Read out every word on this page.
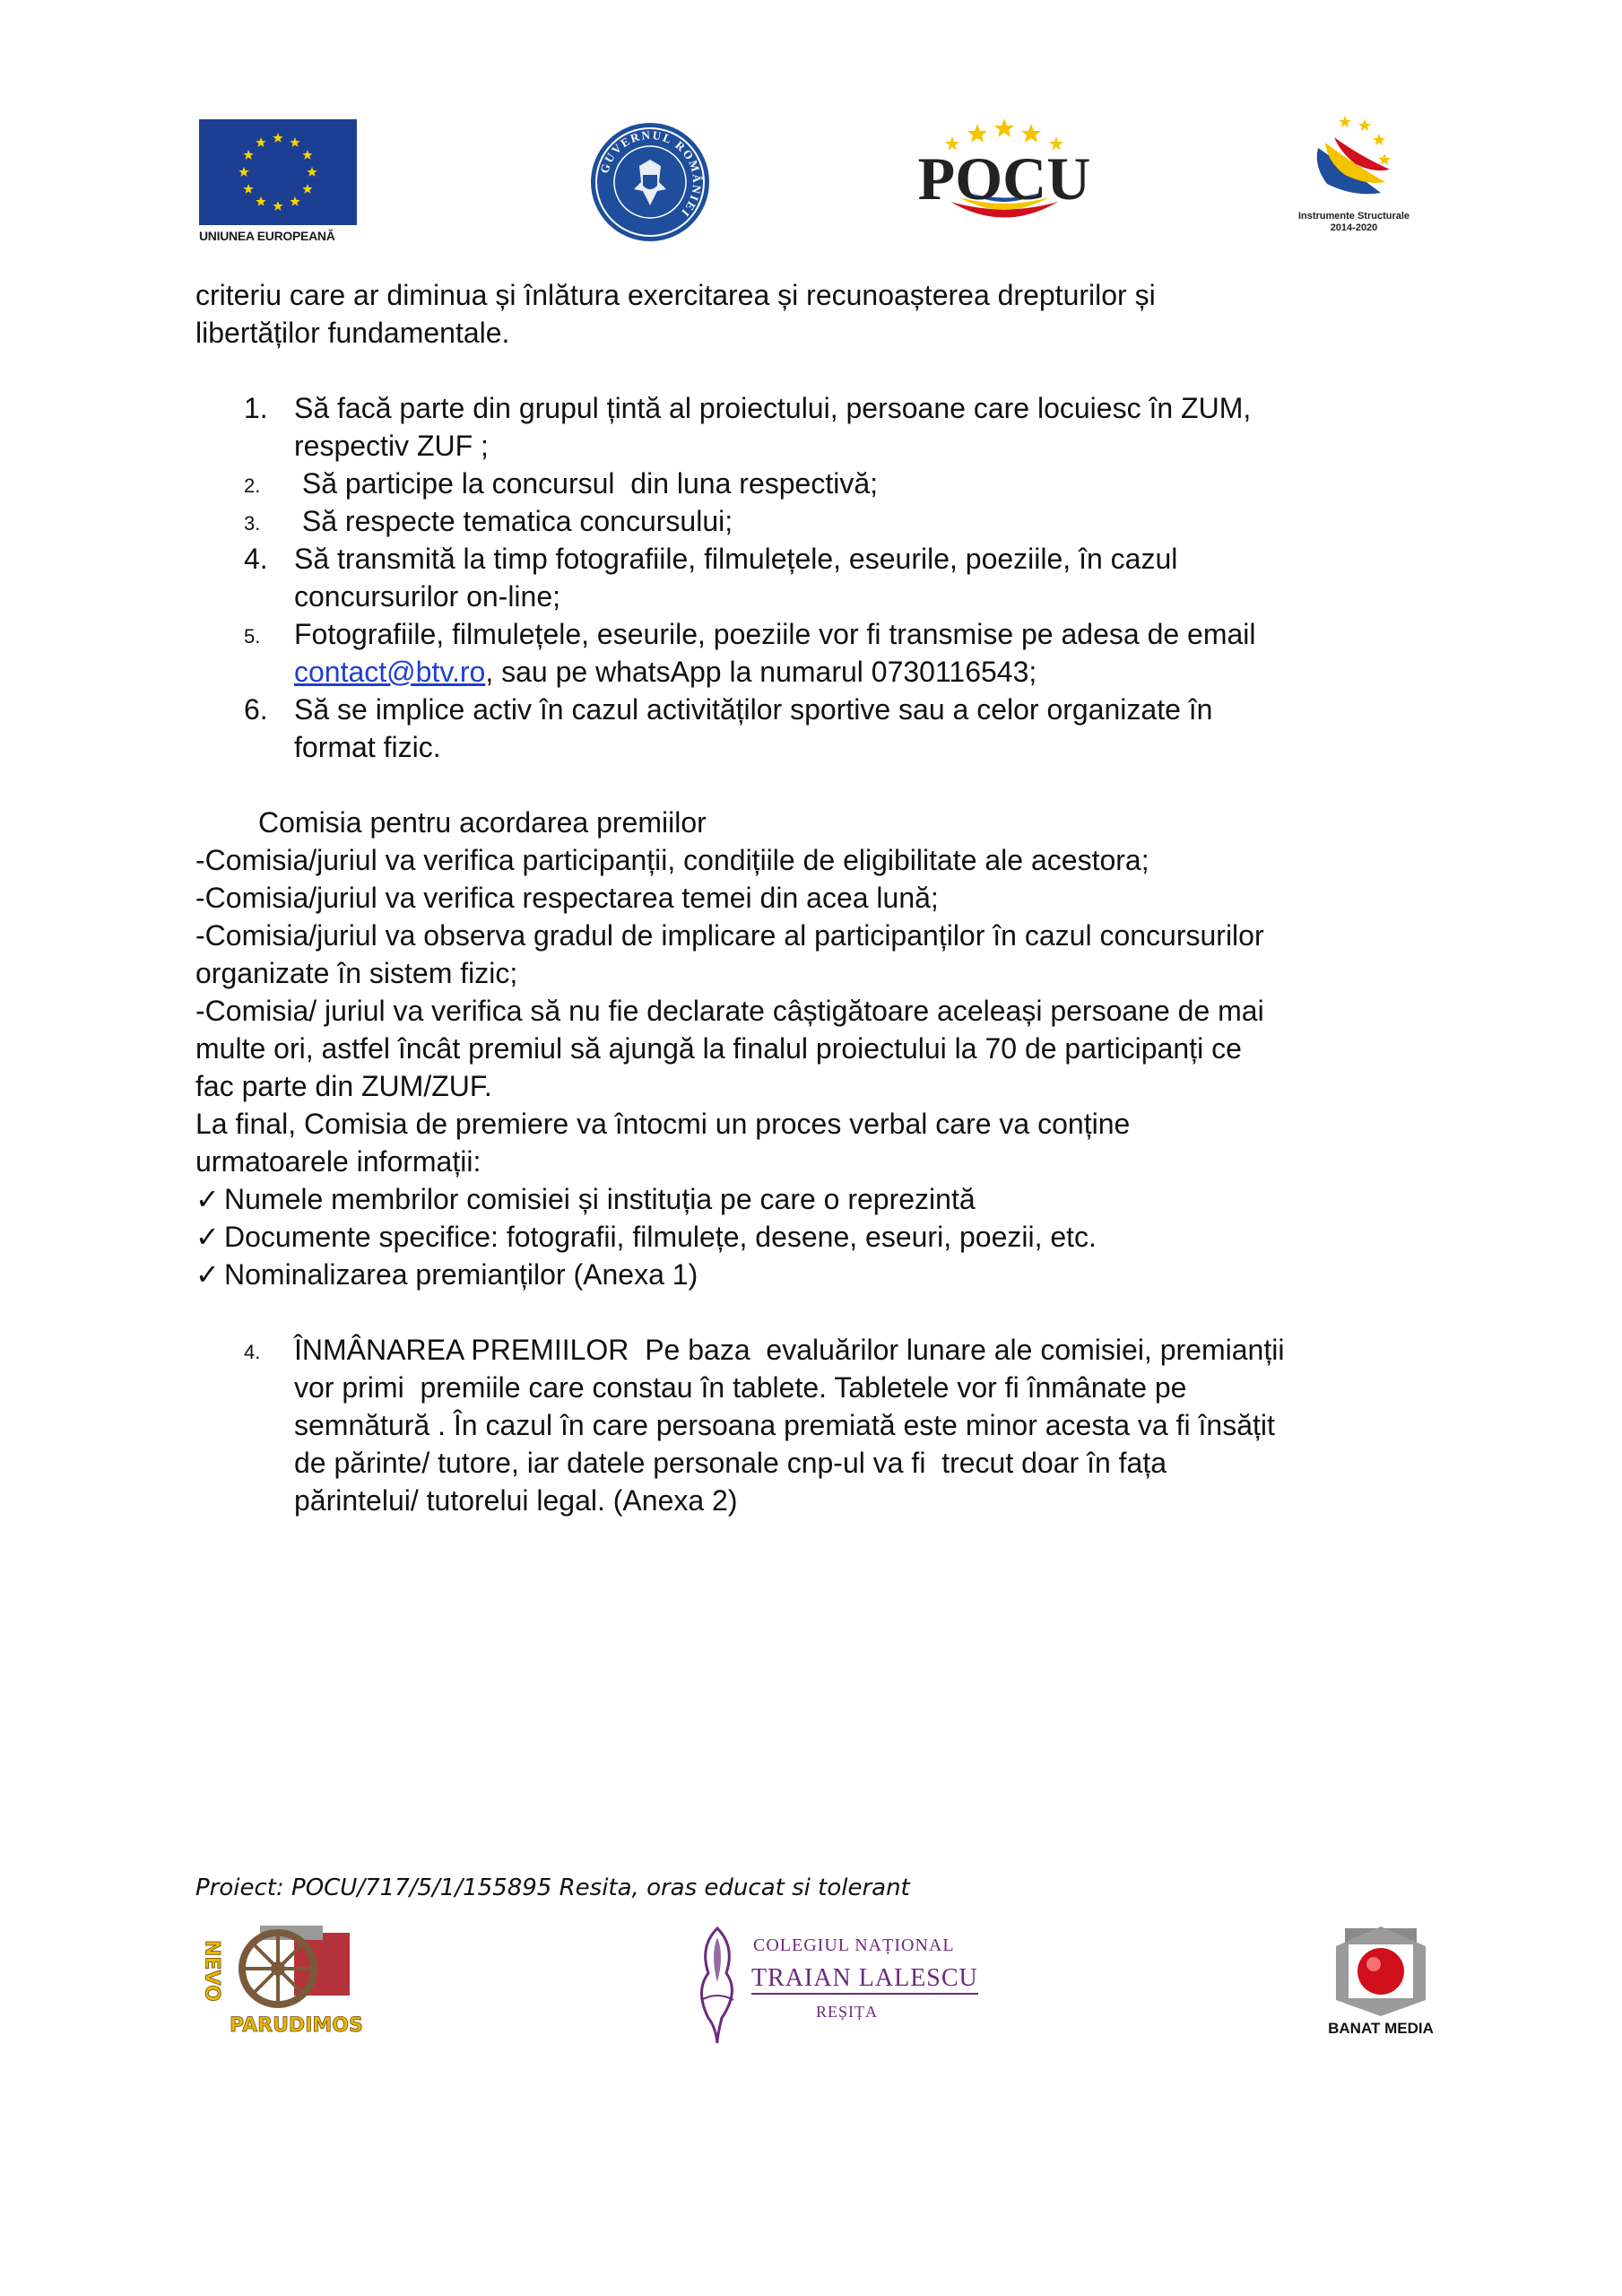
UNIUNEA EUROPEANĂ
GUVERNUL ROMÂNIEI
POCU
Instrumente Structurale
2014-2020
criteriu care ar diminua și înlătura exercitarea și recunoașterea drepturilor și
libertăților fundamentale.
1. Să facă parte din grupul țintă al proiectului, persoane care locuiesc în ZUM,
respectiv ZUF ;
2. Să participe la concursul  din luna respectivă;
3. Să respecte tematica concursului;
4. Să transmită la timp fotografiile, filmulețele, eseurile, poeziile, în cazul
concursurilor on-line;
5. Fotografiile, filmulețele, eseurile, poeziile vor fi transmise pe adesa de email
contact@btv.ro, sau pe whatsApp la numarul 0730116543;
6. Să se implice activ în cazul activităților sportive sau a celor organizate în
format fizic.
Comisia pentru acordarea premiilor
-Comisia/juriul va verifica participanții, condițiile de eligibilitate ale acestora;
-Comisia/juriul va verifica respectarea temei din acea lună;
-Comisia/juriul va observa gradul de implicare al participanților în cazul concursurilor
organizate în sistem fizic;
-Comisia/ juriul va verifica să nu fie declarate câștigătoare aceleași persoane de mai
multe ori, astfel încât premiul să ajungă la finalul proiectului la 70 de participanți ce
fac parte din ZUM/ZUF.
La final, Comisia de premiere va întocmi un proces verbal care va conține
urmatoarele informații:
✓ Numele membrilor comisiei și instituția pe care o reprezintă
✓ Documente specifice: fotografii, filmulețe, desene, eseuri, poezii, etc.
✓ Nominalizarea premianților (Anexa 1)
4. ÎNMÂNAREA PREMIILOR  Pe baza  evaluărilor lunare ale comisiei, premianții
vor primi  premiile care constau în tablete. Tabletele vor fi înmânate pe
semnătură . În cazul în care persoana premiată este minor acesta va fi însățit
de părinte/ tutore, iar datele personale cnp-ul va fi  trecut doar în fața
părintelui/ tutorelui legal. (Anexa 2)
Proiect: POCU/717/5/1/155895 Resita, oras educat si tolerant
NEVO
PARUDIMOS
COLEGIUL NAȚIONAL
TRAIAN LALESCU
REȘIȚA
BANAT MEDIA
